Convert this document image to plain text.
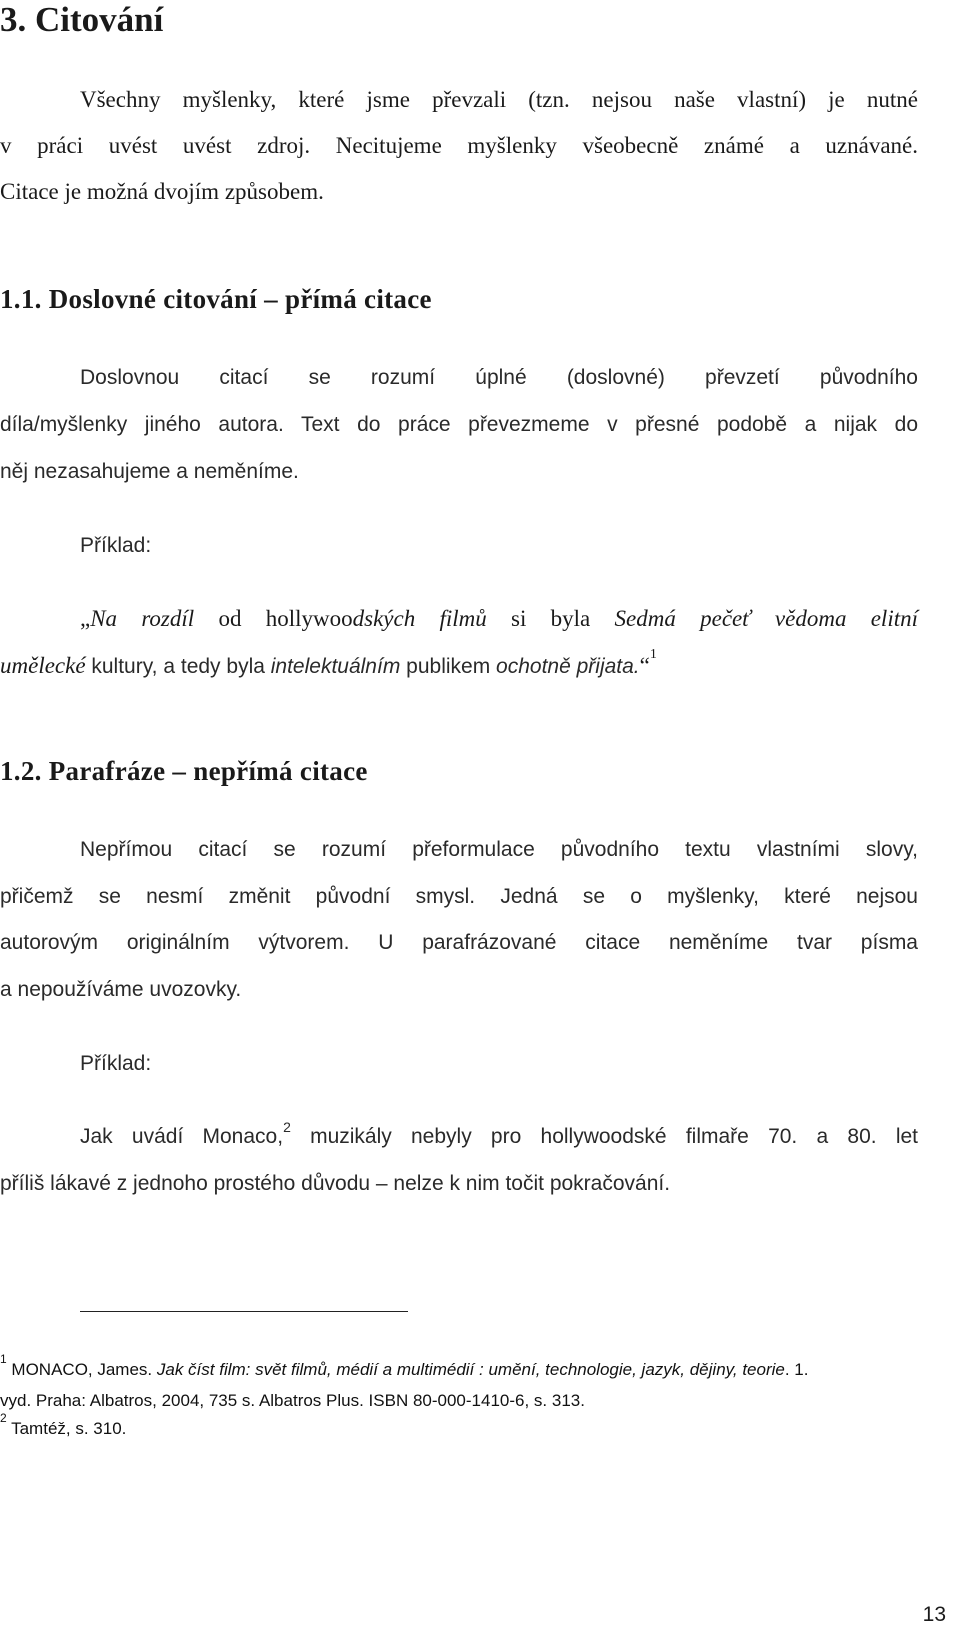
3. Citování
Všechny myšlenky, které jsme převzali (tzn. nejsou naše vlastní) je nutné
v práci uvést uvést zdroj. Necitujeme myšlenky všeobecně známé a uznávané.
Citace je možná dvojím způsobem.
1.1. Doslovné citování – přímá citace
Doslovnou citací se rozumí úplné (doslovné) převzetí původního
díla/myšlenky jiného autora. Text do práce převezmeme v přesné podobě a nijak do
něj nezasahujeme a neměníme.
Příklad:
„Na rozdíl od hollywoodských filmů si byla Sedmá pečeť vědoma elitní
umělecké kultury, a tedy byla intelektuálním publikem ochotně přijata.“$^1$
1.2. Parafráze – nepřímá citace
Nepřímou citací se rozumí přeformulace původního textu vlastními slovy,
přičemž se nesmí změnit původní smysl. Jedná se o myšlenky, které nejsou
autorovým originálním výtvorem. U parafrázované citace neměníme tvar písma
a nepoužíváme uvozovky.
Příklad:
Jak uvádí Monaco,$^2$ muzikály nebyly pro hollywoodské filmaře 70. a 80. let
příliš lákavé z jednoho prostého důvodu – nelze k nim točit pokračování.
$^1$ MONACO, James. Jak číst film: svět filmů, médií a multimédií : umění, technologie, jazyk, dějiny, teorie. 1.
vyd. Praha: Albatros, 2004, 735 s. Albatros Plus. ISBN 80-000-1410-6, s. 313.
$^2$ Tamtéž, s. 310.
13
